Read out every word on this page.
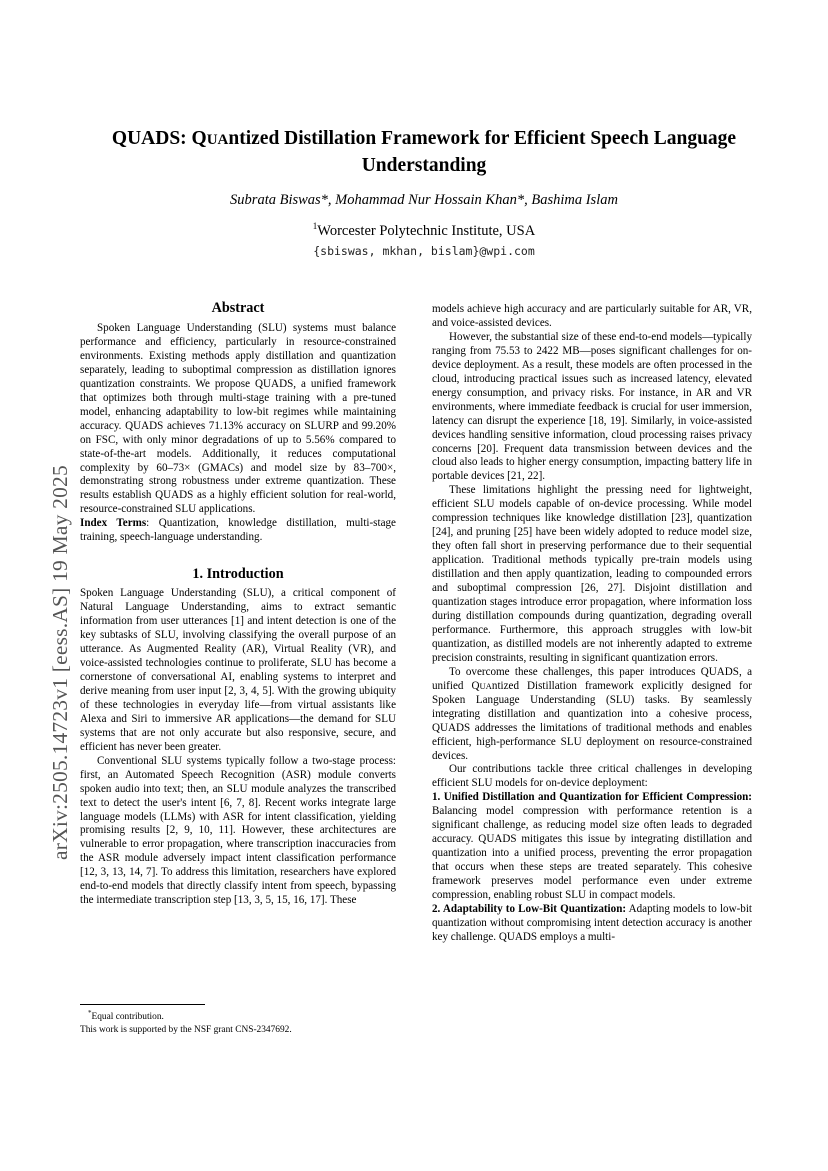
arXiv:2505.14723v1 [eess.AS] 19 May 2025
QUADS: QUAntized Distillation Framework for Efficient Speech Language
Understanding
Subrata Biswas*, Mohammad Nur Hossain Khan*, Bashima Islam
$^1$Worcester Polytechnic Institute, USA
{sbiswas, mkhan, bislam}@wpi.com
Abstract

Spoken Language Understanding (SLU) systems must balance performance and efficiency, particularly in resource-constrained environments. Existing methods apply distillation and quantization separately, leading to suboptimal compression as distillation ignores quantization constraints. We propose QUADS, a unified framework that optimizes both through multi-stage training with a pre-tuned model, enhancing adaptability to low-bit regimes while maintaining accuracy. QUADS achieves 71.13% accuracy on SLURP and 99.20% on FSC, with only minor degradations of up to 5.56% compared to state-of-the-art models. Additionally, it reduces computational complexity by 60–73× (GMACs) and model size by 83–700×, demonstrating strong robustness under extreme quantization. These results establish QUADS as a highly efficient solution for real-world, resource-constrained SLU applications.

Index Terms: Quantization, knowledge distillation, multi-stage training, speech-language understanding.

1. Introduction

Spoken Language Understanding (SLU), a critical component of Natural Language Understanding, aims to extract semantic information from user utterances [1] and intent detection is one of the key subtasks of SLU, involving classifying the overall purpose of an utterance. As Augmented Reality (AR), Virtual Reality (VR), and voice-assisted technologies continue to proliferate, SLU has become a cornerstone of conversational AI, enabling systems to interpret and derive meaning from user input [2, 3, 4, 5]. With the growing ubiquity of these technologies in everyday life—from virtual assistants like Alexa and Siri to immersive AR applications—the demand for SLU systems that are not only accurate but also responsive, secure, and efficient has never been greater.

Conventional SLU systems typically follow a two-stage process: first, an Automated Speech Recognition (ASR) module converts spoken audio into text; then, an SLU module analyzes the transcribed text to detect the user's intent [6, 7, 8]. Recent works integrate large language models (LLMs) with ASR for intent classification, yielding promising results [2, 9, 10, 11]. However, these architectures are vulnerable to error propagation, where transcription inaccuracies from the ASR module adversely impact intent classification performance [12, 3, 13, 14, 7]. To address this limitation, researchers have explored end-to-end models that directly classify intent from speech, bypassing the intermediate transcription step [13, 3, 5, 15, 16, 17]. These

*Equal contribution.
This work is supported by the NSF grant CNS-2347692.

models achieve high accuracy and are particularly suitable for AR, VR, and voice-assisted devices.

However, the substantial size of these end-to-end models—typically ranging from 75.53 to 2422 MB—poses significant challenges for on-device deployment. As a result, these models are often processed in the cloud, introducing practical issues such as increased latency, elevated energy consumption, and privacy risks. For instance, in AR and VR environments, where immediate feedback is crucial for user immersion, latency can disrupt the experience [18, 19]. Similarly, in voice-assisted devices handling sensitive information, cloud processing raises privacy concerns [20]. Frequent data transmission between devices and the cloud also leads to higher energy consumption, impacting battery life in portable devices [21, 22].

These limitations highlight the pressing need for lightweight, efficient SLU models capable of on-device processing. While model compression techniques like knowledge distillation [23], quantization [24], and pruning [25] have been widely adopted to reduce model size, they often fall short in preserving performance due to their sequential application. Traditional methods typically pre-train models using distillation and then apply quantization, leading to compounded errors and suboptimal compression [26, 27]. Disjoint distillation and quantization stages introduce error propagation, where information loss during distillation compounds during quantization, degrading overall performance. Furthermore, this approach struggles with low-bit quantization, as distilled models are not inherently adapted to extreme precision constraints, resulting in significant quantization errors.

To overcome these challenges, this paper introduces QUADS, a unified QUAntized Distillation framework explicitly designed for Spoken Language Understanding (SLU) tasks. By seamlessly integrating distillation and quantization into a cohesive process, QUADS addresses the limitations of traditional methods and enables efficient, high-performance SLU deployment on resource-constrained devices.

Our contributions tackle three critical challenges in developing efficient SLU models for on-device deployment:

1. Unified Distillation and Quantization for Efficient Compression: Balancing model compression with performance retention is a significant challenge, as reducing model size often leads to degraded accuracy. QUADS mitigates this issue by integrating distillation and quantization into a unified process, preventing the error propagation that occurs when these steps are treated separately. This cohesive framework preserves model performance even under extreme compression, enabling robust SLU in compact models.

2. Adaptability to Low-Bit Quantization: Adapting models to low-bit quantization without compromising intent detection accuracy is another key challenge. QUADS employs a multi-
